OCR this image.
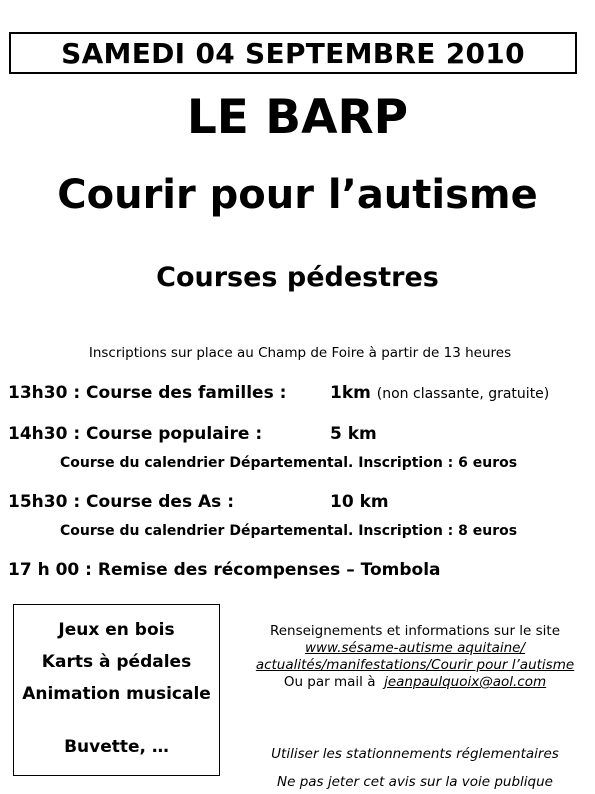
SAMEDI 04 SEPTEMBRE 2010
LE BARP
Courir pour l’autisme
Courses pédestres
Inscriptions sur place au Champ de Foire à partir de 13 heures
13h30 : Course des familles :	1km (non classante, gratuite)
14h30 : Course populaire :	5 km
Course du calendrier Départemental. Inscription : 6 euros
15h30 : Course des As :	10 km
Course du calendrier Départemental. Inscription : 8 euros
17 h 00 : Remise des récompenses – Tombola
Jeux en bois
Karts à pédales
Animation musicale
Buvette, …
Renseignements et informations sur le site
www.sésame-autisme aquitaine/
actualités/manifestations/Courir pour l’autisme
Ou par mail à jeanpaulquoix@aol.com
Utiliser les stationnements réglementaires
Ne pas jeter cet avis sur la voie publique
